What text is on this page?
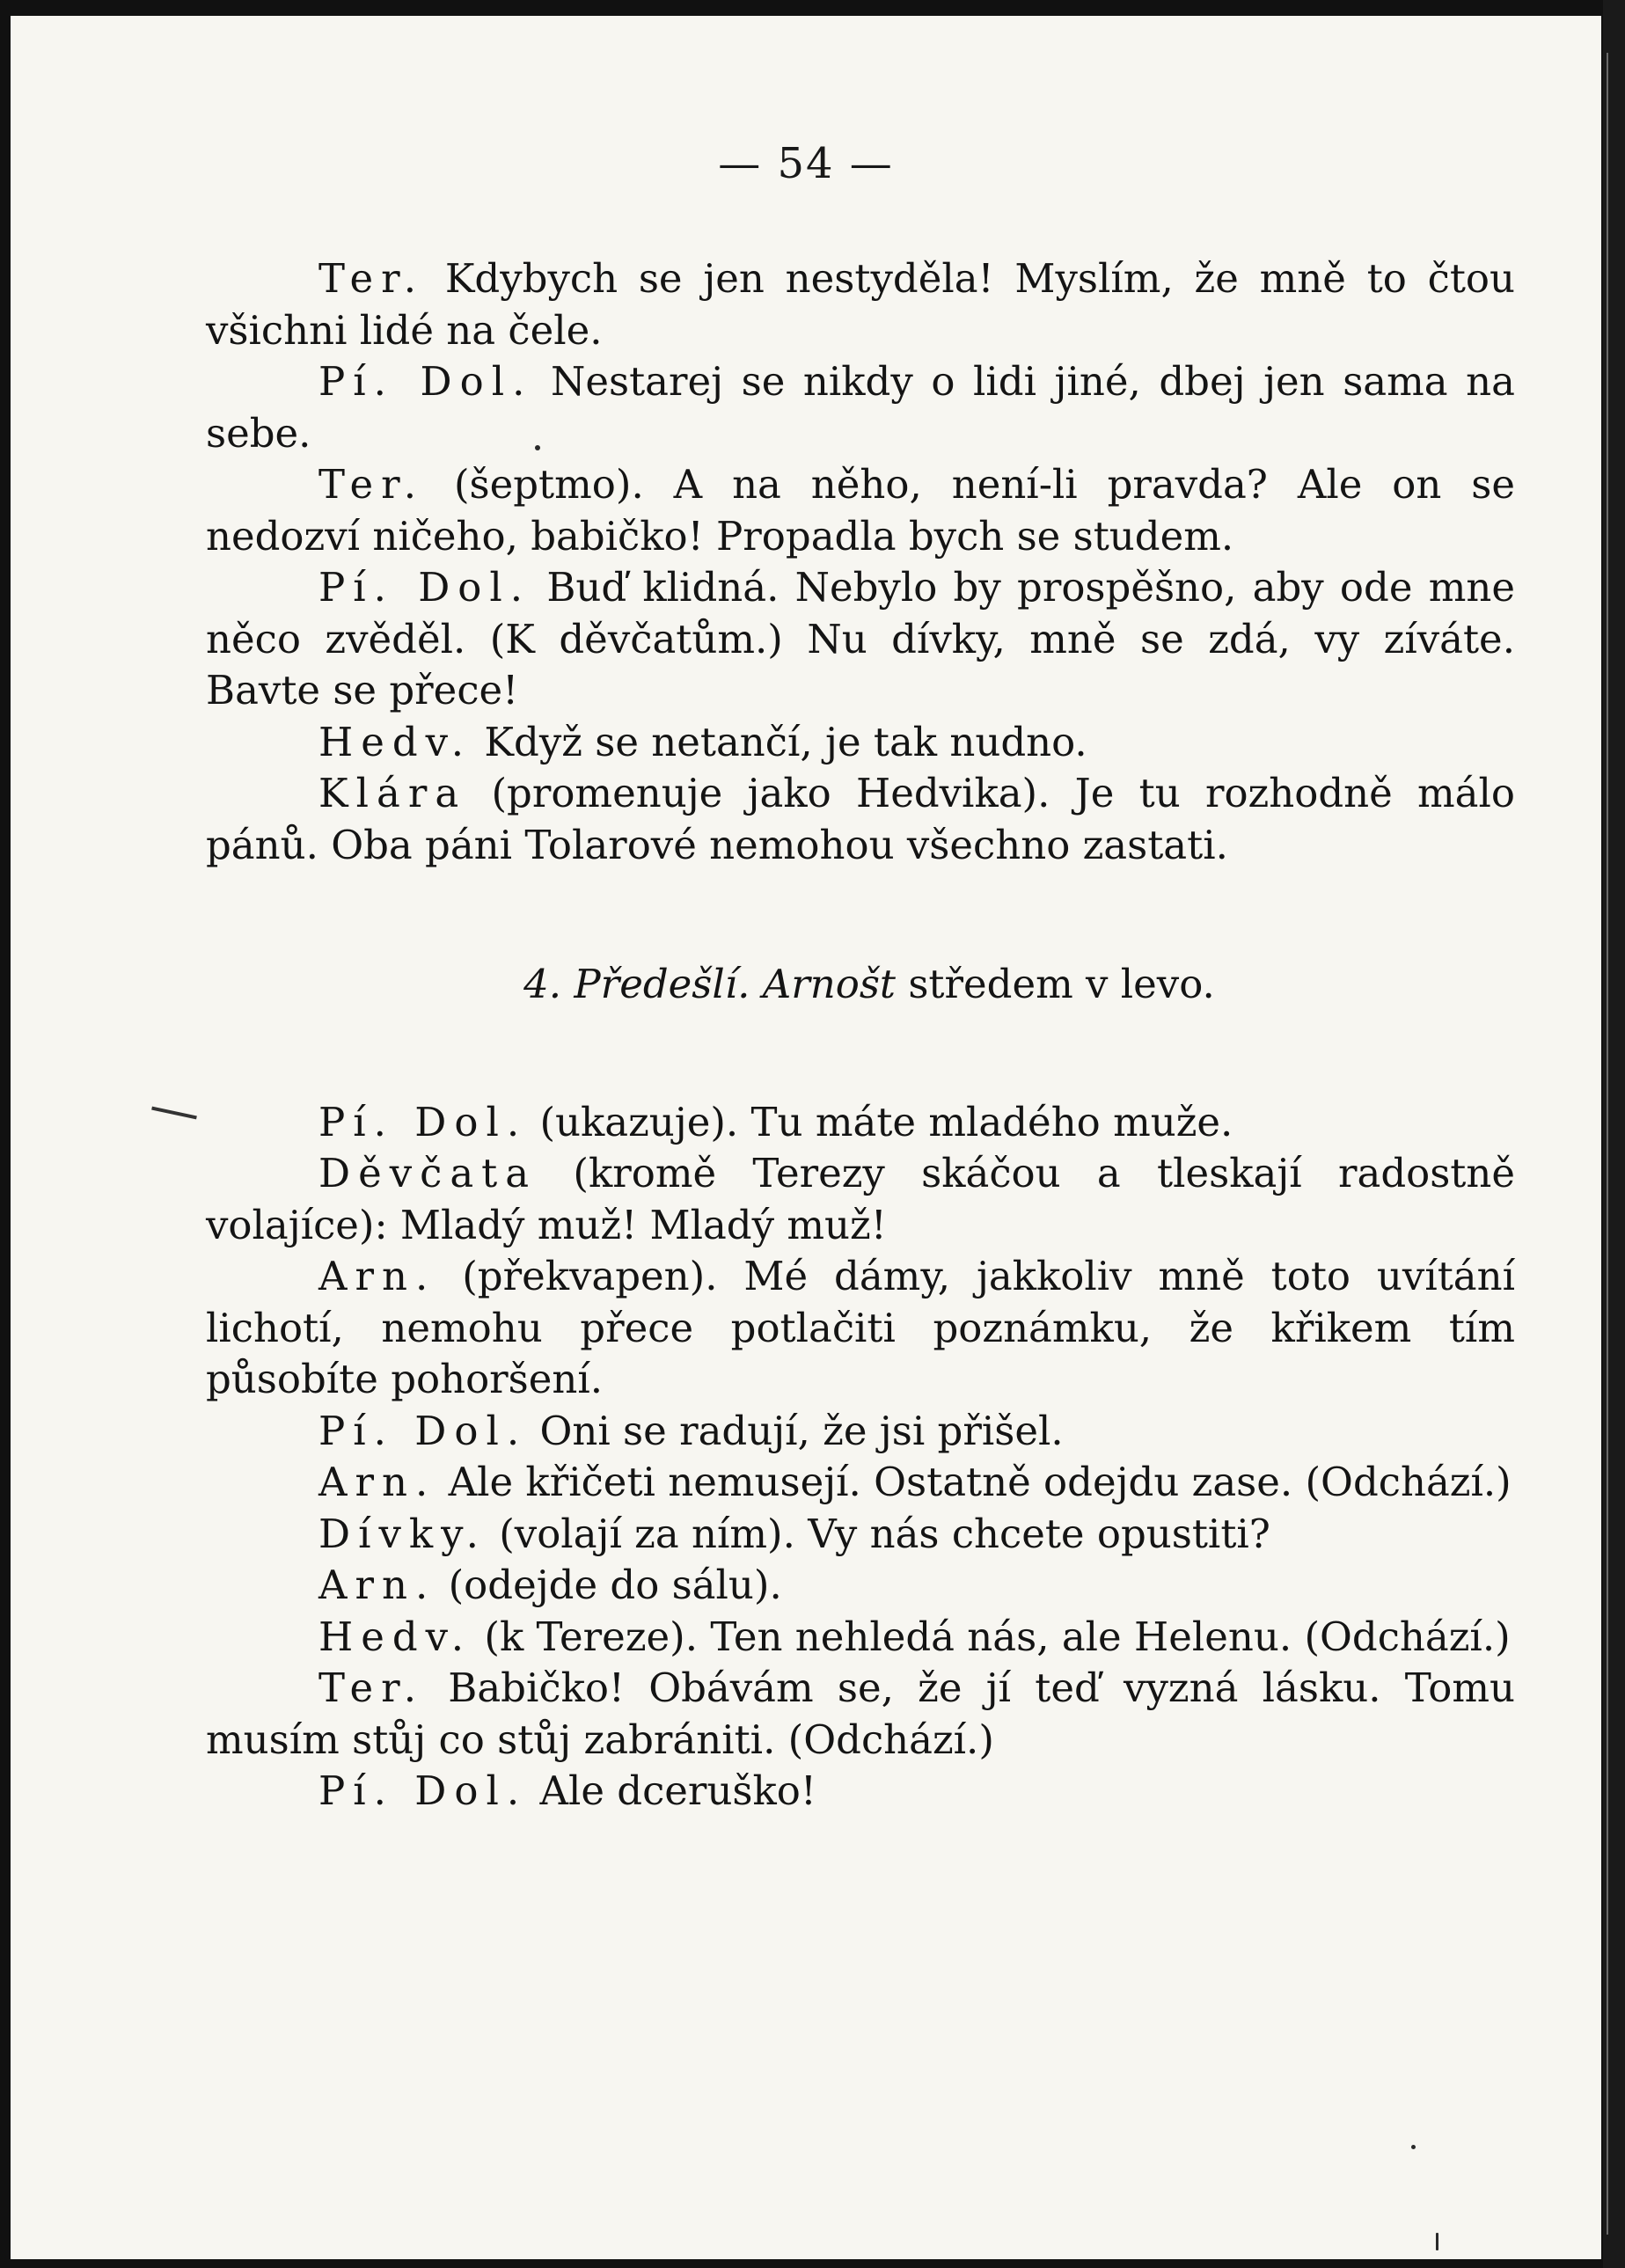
— 54 —

Ter. Kdybych se jen nestyděla! Myslím, že mně to čtou všichni lidé na čele.

Pí. Dol. Nestarej se nikdy o lidi jiné, dbej jen sama na sebe.

Ter. (šeptmo). A na něho, není-li pravda? Ale on se nedozví ničeho, babičko! Propadla bych se studem.

Pí. Dol. Buď klidná. Nebylo by prospěšno, aby ode mne něco zvěděl. (K děvčatům.) Nu dívky, mně se zdá, vy zíváte. Bavte se přece!

Hedv. Když se netančí, je tak nudno.

Klára (promenuje jako Hedvika). Je tu rozhodně málo pánů. Oba páni Tolarové nemohou všechno zastati.

4. Předešlí. Arnošt středem v levo.

Pí. Dol. (ukazuje). Tu máte mladého muže.

Děvčata (kromě Terezy skáčou a tleskají radostně volajíce): Mladý muž! Mladý muž!

Arn. (překvapen). Mé dámy, jakkoliv mně toto uvítání lichotí, nemohu přece potlačiti poznámku, že křikem tím působíte pohoršení.

Pí. Dol. Oni se radují, že jsi přišel.

Arn. Ale křičeti nemusejí. Ostatně odejdu zase. (Odchází.)

Dívky. (volají za ním). Vy nás chcete opustiti?

Arn. (odejde do sálu).

Hedv. (k Tereze). Ten nehledá nás, ale Helenu. (Odchází.)

Ter. Babičko! Obávám se, že jí teď vyzná lásku. Tomu musím stůj co stůj zabrániti. (Odchází.)

Pí. Dol. Ale dceruško!
